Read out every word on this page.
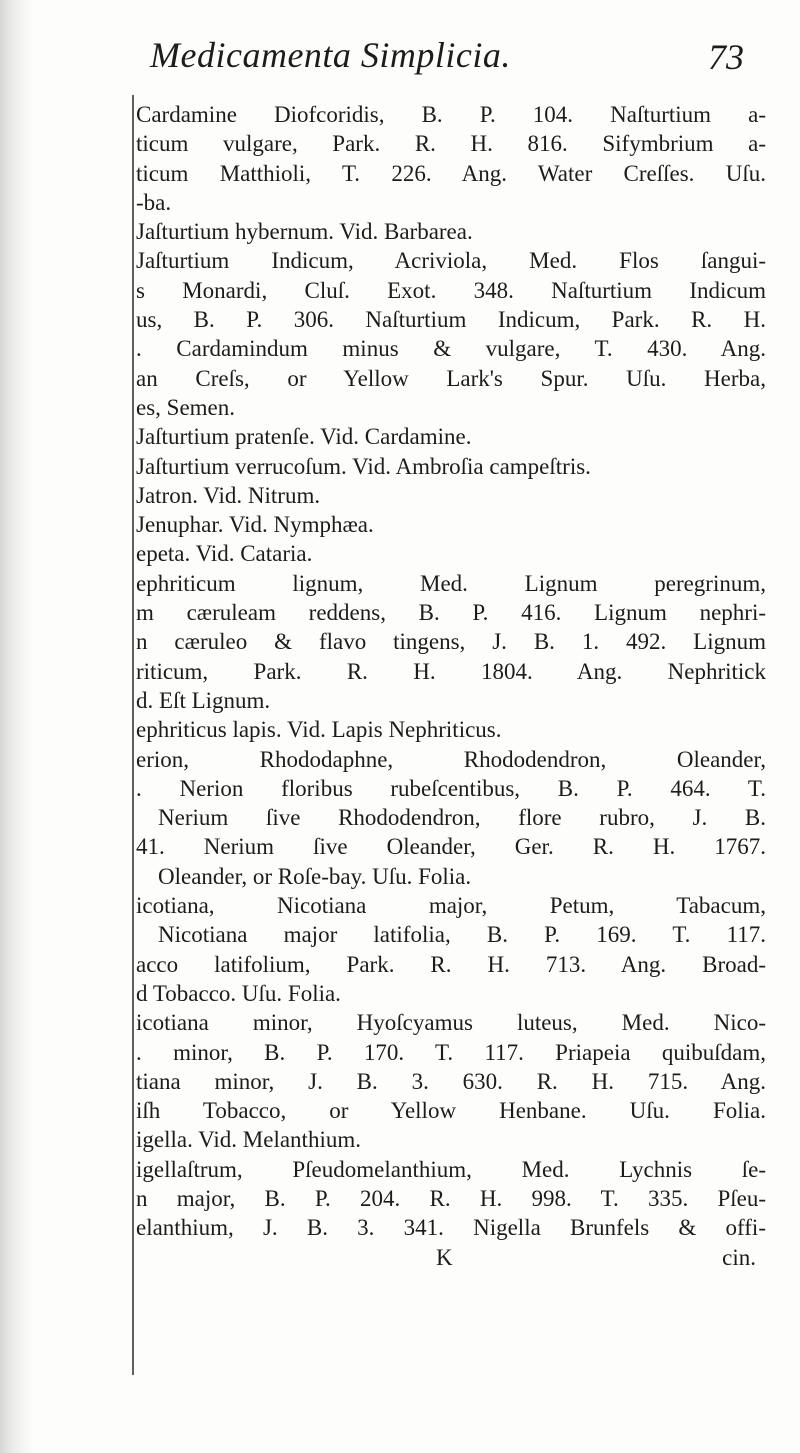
Medicamenta Simplicia.	73
Cardamine Diofcoridis, B. P. 104. Naſturtium a-
ticum vulgare, Park. R. H. 816. Sifymbrium a-
ticum Matthioli, T. 226. Ang. Water Creſſes. Uſu.
-ba.
Jaſturtium hybernum. Vid. Barbarea.
Jaſturtium Indicum, Acriviola, Med. Flos ſangui-
s Monardi, Cluſ. Exot. 348. Naſturtium Indicum
us, B. P. 306. Naſturtium Indicum, Park. R. H.
. Cardamindum minus & vulgare, T. 430. Ang.
an Creſs, or Yellow Lark's Spur. Uſu. Herba,
es, Semen.
Jaſturtium pratenſe. Vid. Cardamine.
Jaſturtium verrucoſum. Vid. Ambroſia campeſtris.
Jatron. Vid. Nitrum.
Jenuphar. Vid. Nymphæa.
epeta. Vid. Cataria.
ephriticum lignum, Med. Lignum peregrinum,
m cæruleam reddens, B. P. 416. Lignum nephri-
n cæruleo & flavo tingens, J. B. 1. 492. Lignum
riticum, Park. R. H. 1804. Ang. Nephritick
d. Eſt Lignum.
ephriticus lapis. Vid. Lapis Nephriticus.
erion, Rhododaphne, Rhododendron, Oleander,
. Nerion floribus rubeſcentibus, B. P. 464. T.
Nerium ſive Rhododendron, flore rubro, J. B.
41. Nerium ſive Oleander, Ger. R. H. 1767.
Oleander, or Roſe-bay. Uſu. Folia.
icotiana, Nicotiana major, Petum, Tabacum,
Nicotiana major latifolia, B. P. 169. T. 117.
acco latifolium, Park. R. H. 713. Ang. Broad-
d Tobacco. Uſu. Folia.
icotiana minor, Hyoſcyamus luteus, Med. Nico-
. minor, B. P. 170. T. 117. Priapeia quibuſdam,
tiana minor, J. B. 3. 630. R. H. 715. Ang.
iſh Tobacco, or Yellow Henbane. Uſu. Folia.
igella. Vid. Melanthium.
igellaſtrum, Pſeudomelanthium, Med. Lychnis ſe-
n major, B. P. 204. R. H. 998. T. 335. Pſeu-
elanthium, J. B. 3. 341. Nigella Brunfels & offi-
K	cin.
